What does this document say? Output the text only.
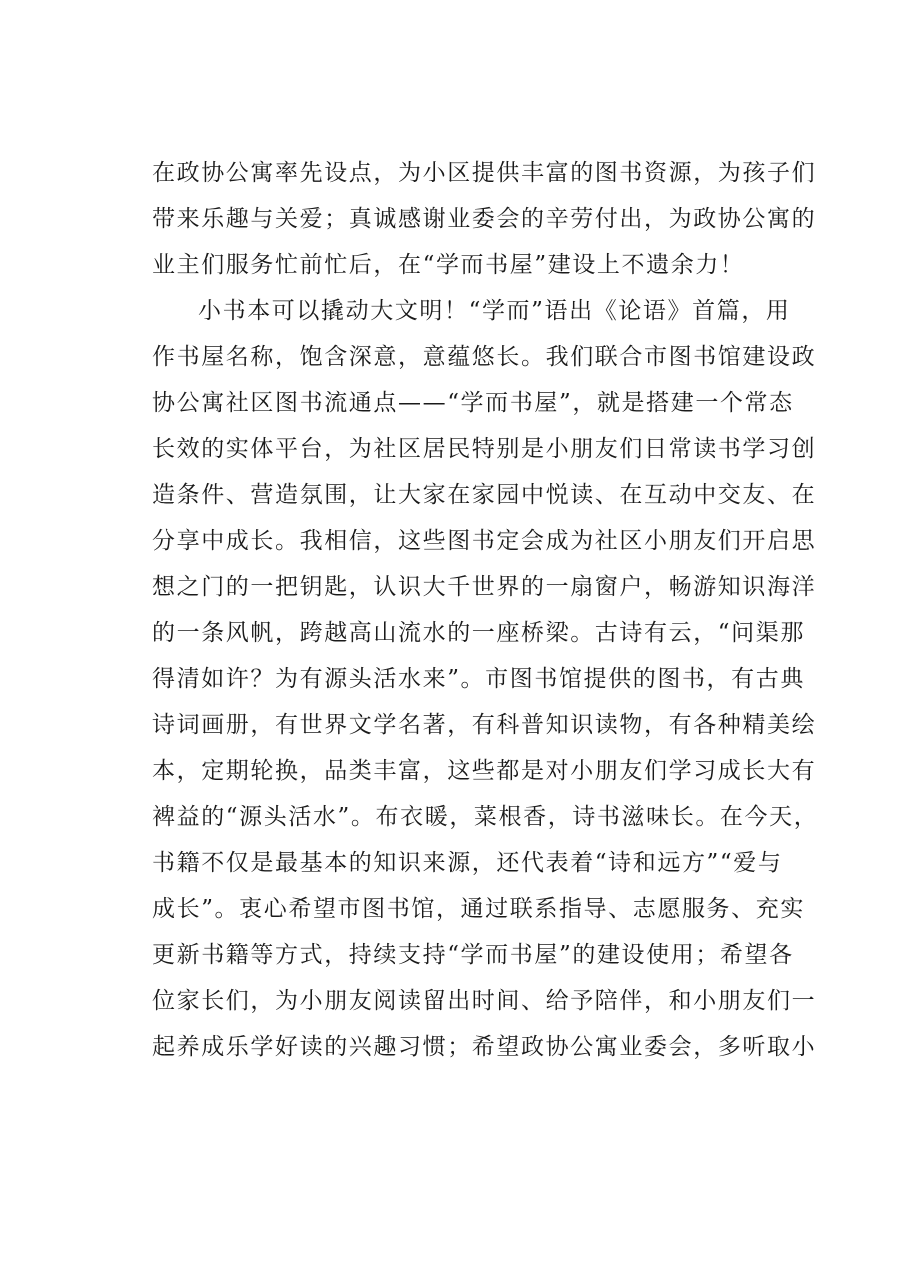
在政协公寓率先设点，为小区提供丰富的图书资源，为孩子们
带来乐趣与关爱；真诚感谢业委会的辛劳付出，为政协公寓的
业主们服务忙前忙后，在“学而书屋”建设上不遗余力！
小书本可以撬动大文明！“学而”语出《论语》首篇，用
作书屋名称，饱含深意，意蕴悠长。我们联合市图书馆建设政
协公寓社区图书流通点——“学而书屋”，就是搭建一个常态
长效的实体平台，为社区居民特别是小朋友们日常读书学习创
造条件、营造氛围，让大家在家园中悦读、在互动中交友、在
分享中成长。我相信，这些图书定会成为社区小朋友们开启思
想之门的一把钥匙，认识大千世界的一扇窗户，畅游知识海洋
的一条风帆，跨越高山流水的一座桥梁。古诗有云，“问渠那
得清如许？为有源头活水来”。市图书馆提供的图书，有古典
诗词画册，有世界文学名著，有科普知识读物，有各种精美绘
本，定期轮换，品类丰富，这些都是对小朋友们学习成长大有
裨益的“源头活水”。布衣暖，菜根香，诗书滋味长。在今天，
书籍不仅是最基本的知识来源，还代表着“诗和远方”“爱与
成长”。衷心希望市图书馆，通过联系指导、志愿服务、充实
更新书籍等方式，持续支持“学而书屋”的建设使用；希望各
位家长们，为小朋友阅读留出时间、给予陪伴，和小朋友们一
起养成乐学好读的兴趣习惯；希望政协公寓业委会，多听取小
